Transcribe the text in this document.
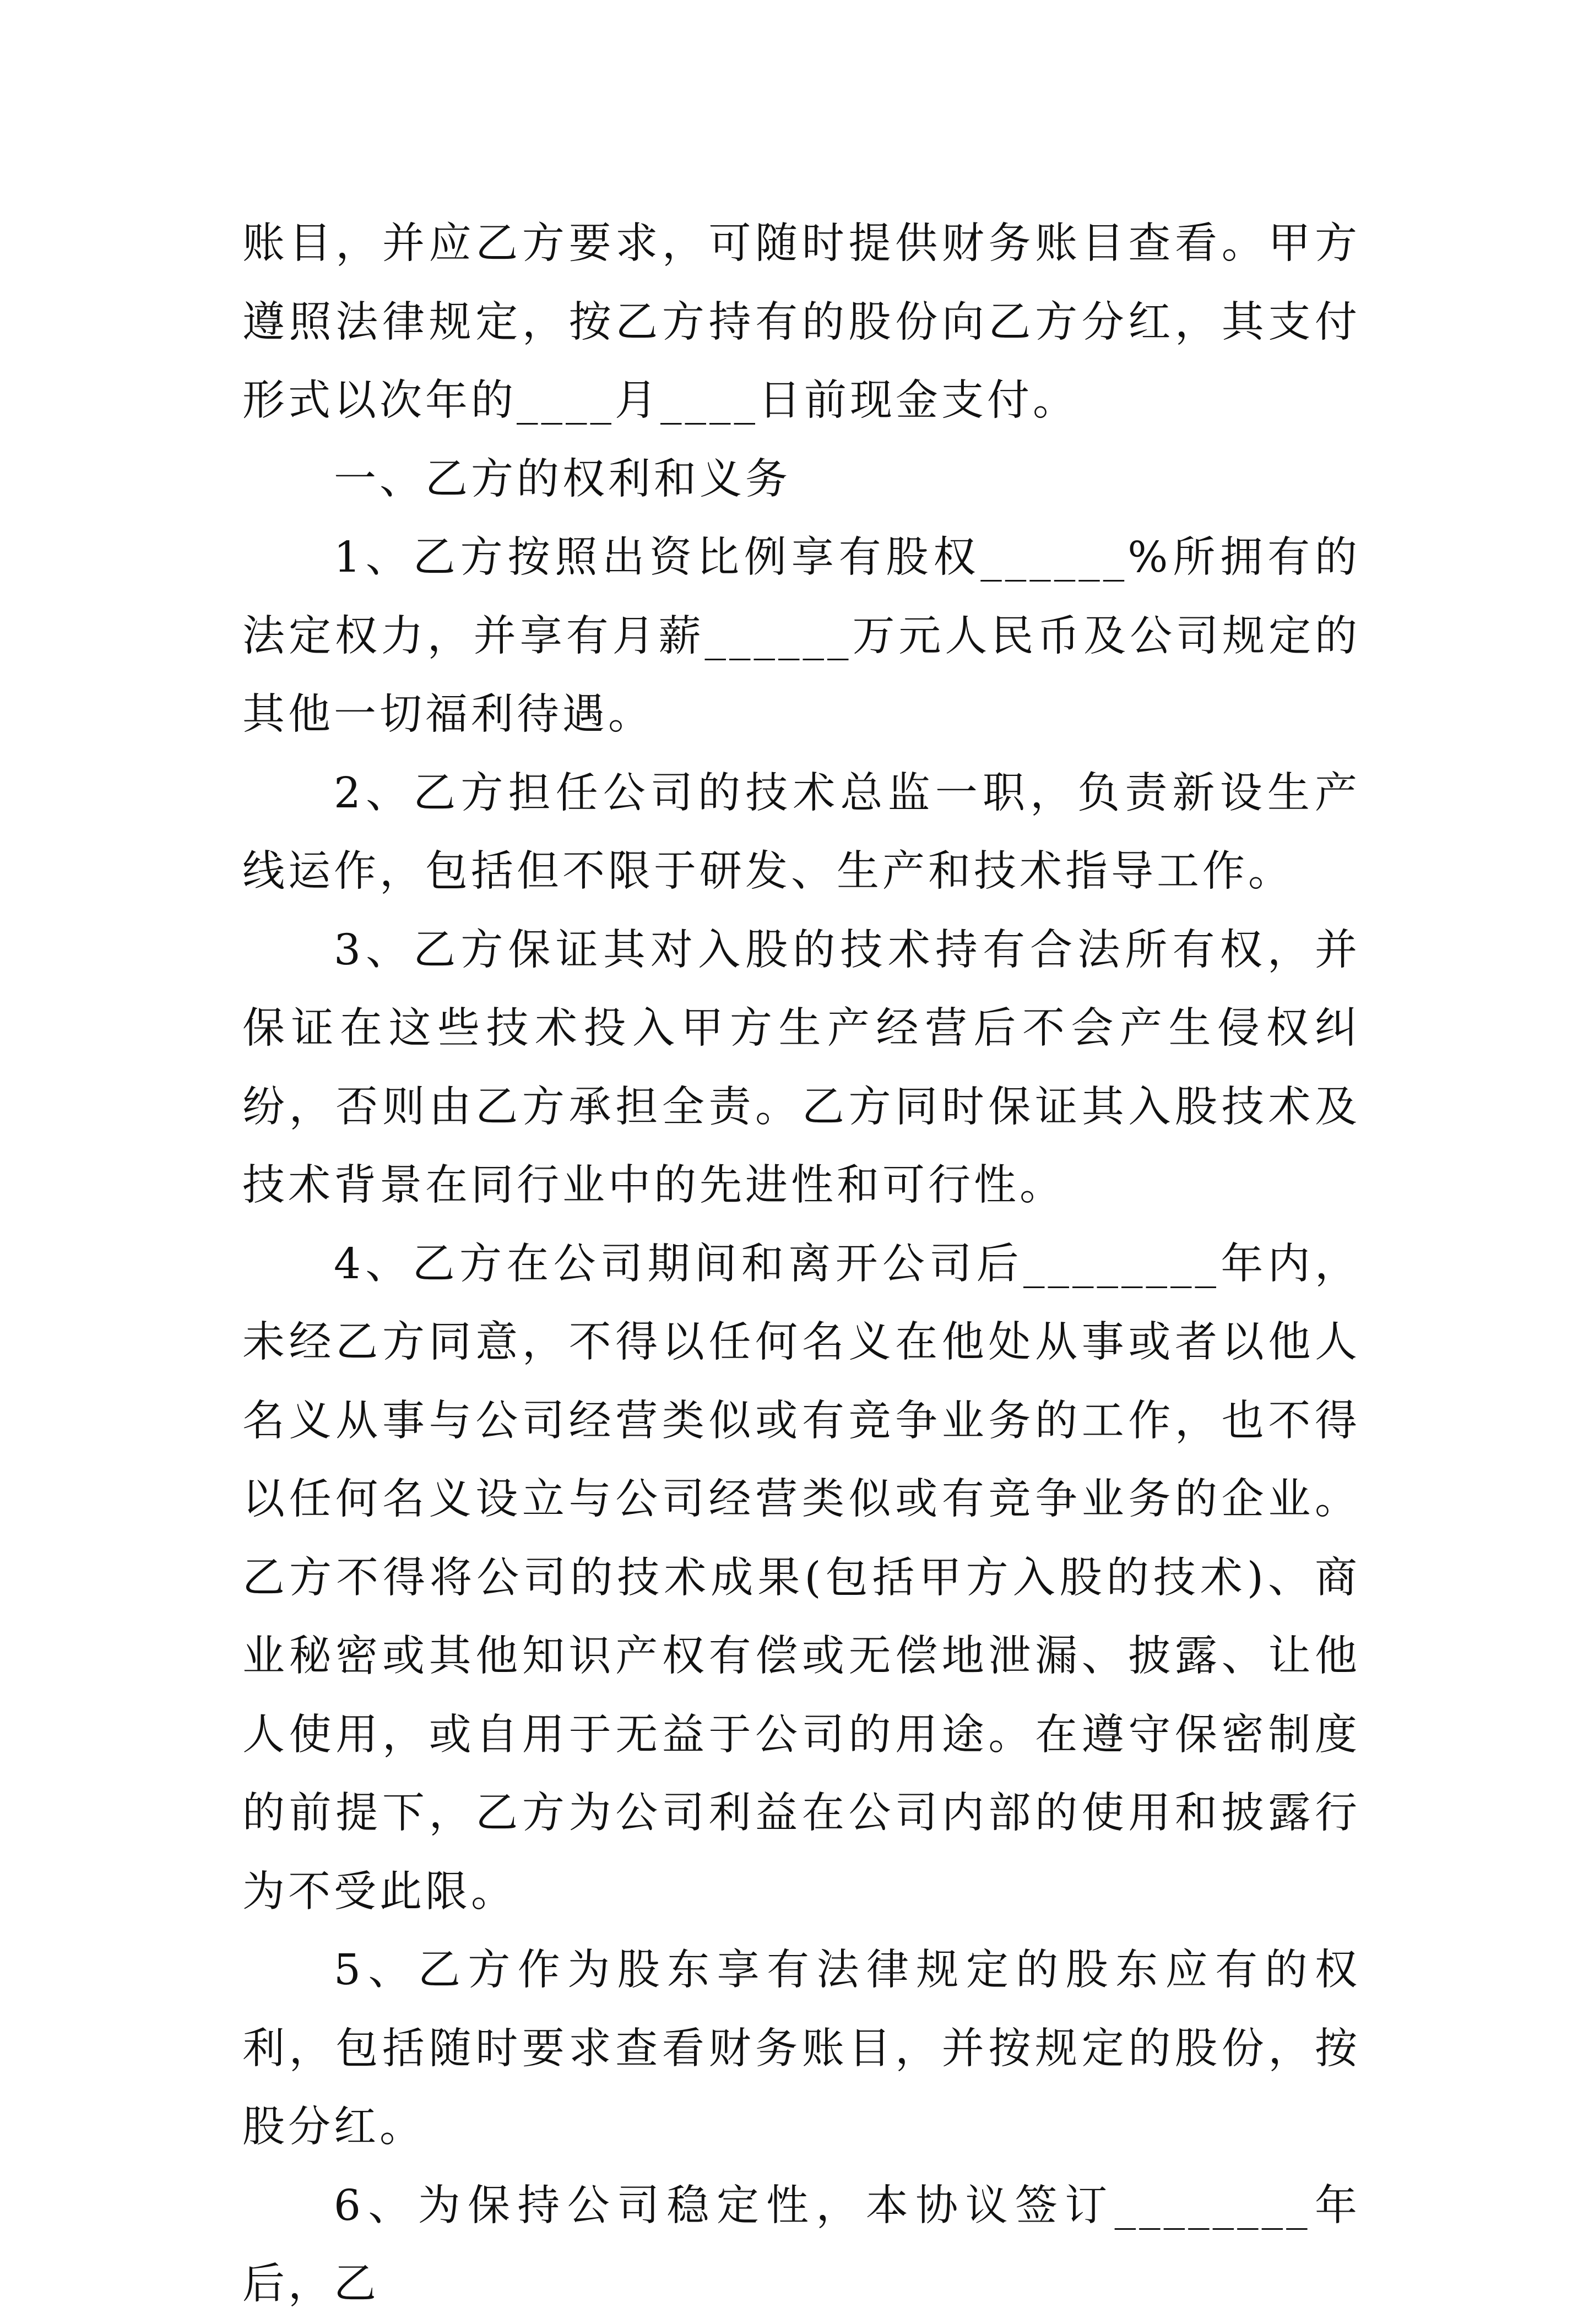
账目，并应乙方要求，可随时提供财务账目查看。甲方遵照法律规定，按乙方持有的股份向乙方分红，其支付形式以次年的____月____日前现金支付。

一、乙方的权利和义务

1、乙方按照出资比例享有股权______%所拥有的法定权力，并享有月薪______万元人民币及公司规定的其他一切福利待遇。

2、乙方担任公司的技术总监一职，负责新设生产线运作，包括但不限于研发、生产和技术指导工作。

3、乙方保证其对入股的技术持有合法所有权，并保证在这些技术投入甲方生产经营后不会产生侵权纠纷，否则由乙方承担全责。乙方同时保证其入股技术及技术背景在同行业中的先进性和可行性。

4、乙方在公司期间和离开公司后________年内，未经乙方同意，不得以任何名义在他处从事或者以他人名义从事与公司经营类似或有竞争业务的工作，也不得以任何名义设立与公司经营类似或有竞争业务的企业。乙方不得将公司的技术成果(包括甲方入股的技术)、商业秘密或其他知识产权有偿或无偿地泄漏、披露、让他人使用，或自用于无益于公司的用途。在遵守保密制度的前提下，乙方为公司利益在公司内部的使用和披露行为不受此限。

5、乙方作为股东享有法律规定的股东应有的权利，包括随时要求查看财务账目，并按规定的股份，按股分红。

6、为保持公司稳定性，本协议签订________年后，乙
